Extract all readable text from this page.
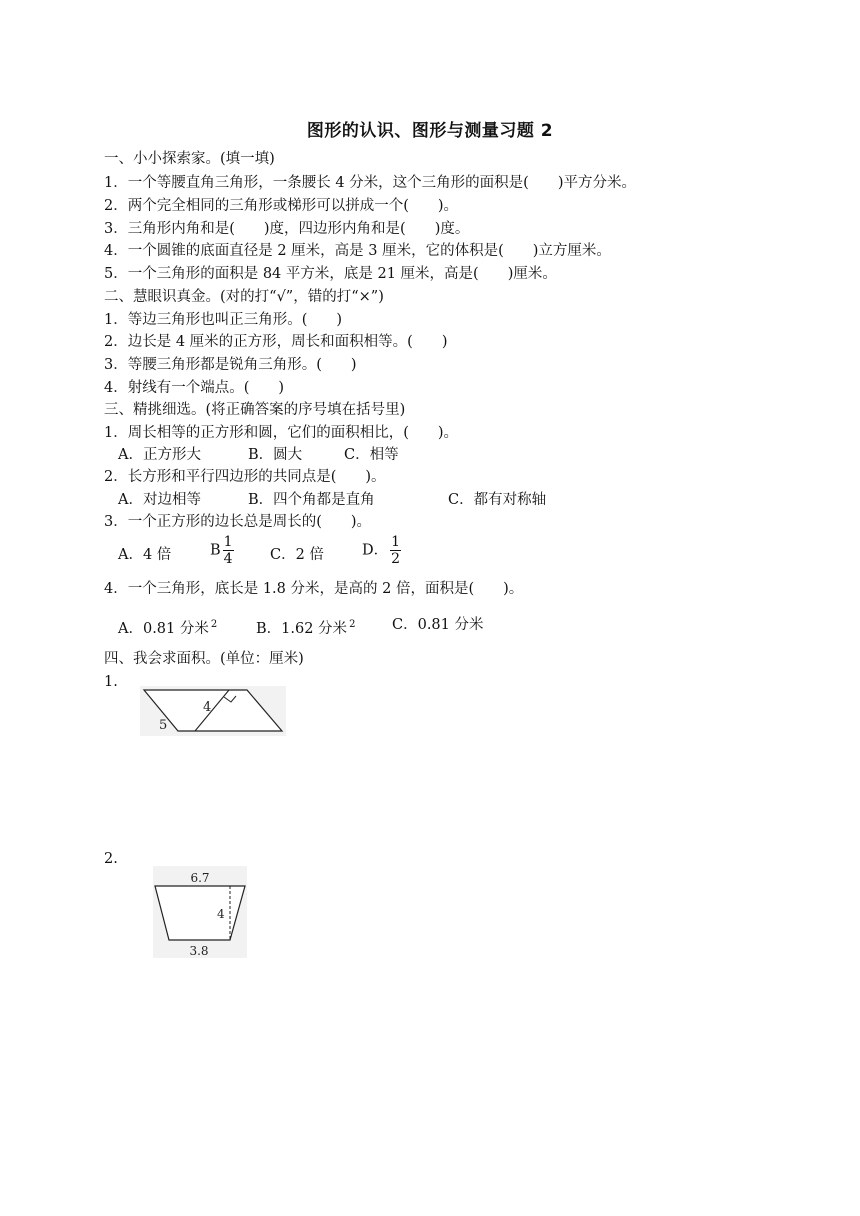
图形的认识、图形与测量习题 2
一、小小探索家。(填一填)
1．一个等腰直角三角形，一条腰长 4 分米，这个三角形的面积是(　　)平方分米。
2．两个完全相同的三角形或梯形可以拼成一个(　　)。
3．三角形内角和是(　　)度，四边形内角和是(　　)度。
4．一个圆锥的底面直径是 2 厘米，高是 3 厘米，它的体积是(　　)立方厘米。
5．一个三角形的面积是 84 平方米，底是 21 厘米，高是(　　)厘米。
二、慧眼识真金。(对的打“√”，错的打“×”)
1．等边三角形也叫正三角形。(　　)
2．边长是 4 厘米的正方形，周长和面积相等。(　　)
3．等腰三角形都是锐角三角形。(　　)
4．射线有一个端点。(　　)
三、精挑细选。(将正确答案的序号填在括号里)
1．周长相等的正方形和圆，它们的面积相比，(　　)。
A．正方形大	B．圆大	C．相等
2．长方形和平行四边形的共同点是(　　)。
A．对边相等	B．四个角都是直角	C．都有对称轴
3．一个正方形的边长总是周长的(　　)。
A．4 倍	B $\frac{1}{4}$	C．2 倍	D． $\frac{1}{2}$
4．一个三角形，底长是 1.8 分米，是高的 2 倍，面积是(　　)。
A．0.81 分米 $^2$	B．1.62 分米 $^2$	C．0.81 分米
四、我会求面积。(单位：厘米)
1.
5
4
2.
6.7
4
3.8
